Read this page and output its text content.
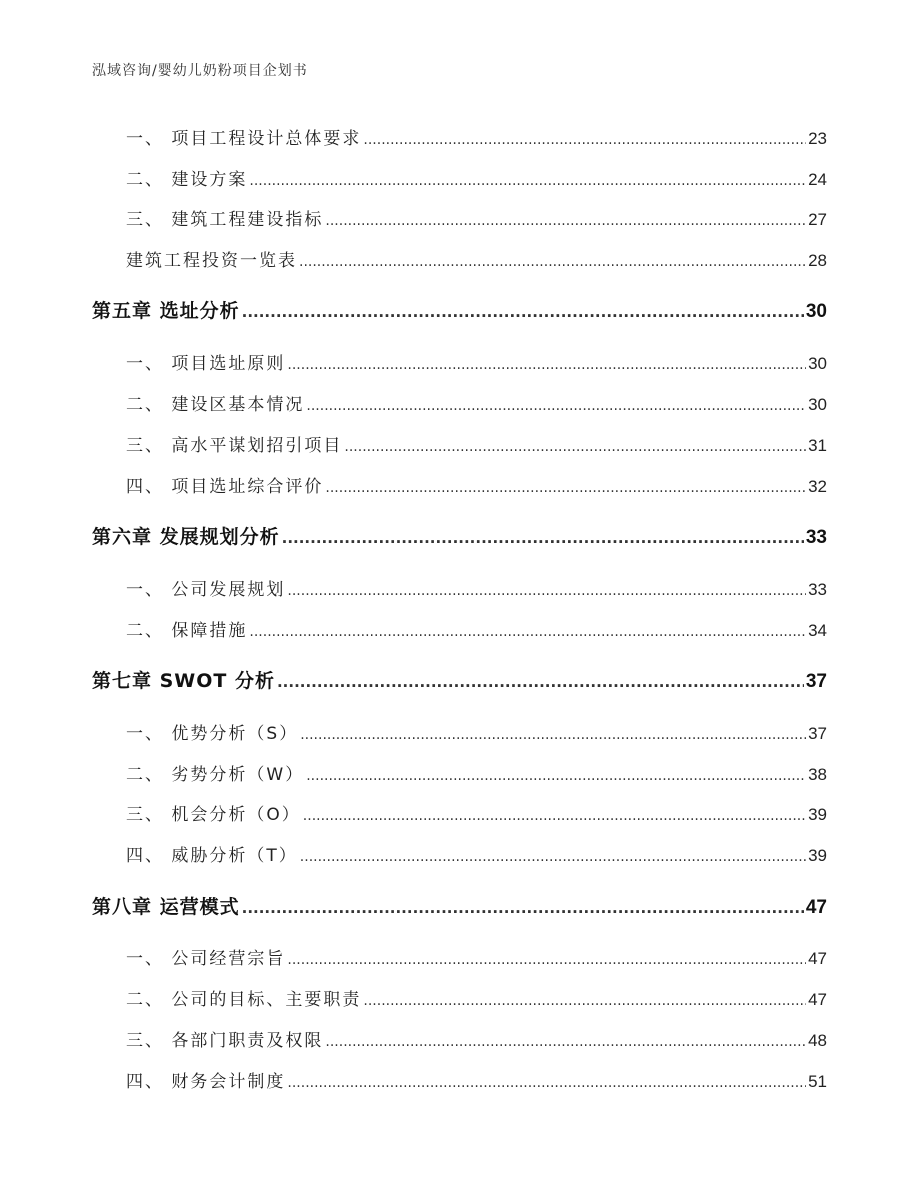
泓域咨询/婴幼儿奶粉项目企划书
一、 项目工程设计总体要求 .....	23
二、 建设方案 .....	24
三、 建筑工程建设指标 .....	27
建筑工程投资一览表 .....	28
第五章 选址分析 .....	30
一、 项目选址原则 .....	30
二、 建设区基本情况 .....	30
三、 高水平谋划招引项目 .....	31
四、 项目选址综合评价 .....	32
第六章 发展规划分析 .....	33
一、 公司发展规划 .....	33
二、 保障措施 .....	34
第七章 SWOT 分析 .....	37
一、 优势分析（S） .....	37
二、 劣势分析（W） .....	38
三、 机会分析（O） .....	39
四、 威胁分析（T） .....	39
第八章 运营模式 .....	47
一、 公司经营宗旨 .....	47
二、 公司的目标、主要职责 .....	47
三、 各部门职责及权限 .....	48
四、 财务会计制度 .....	51
